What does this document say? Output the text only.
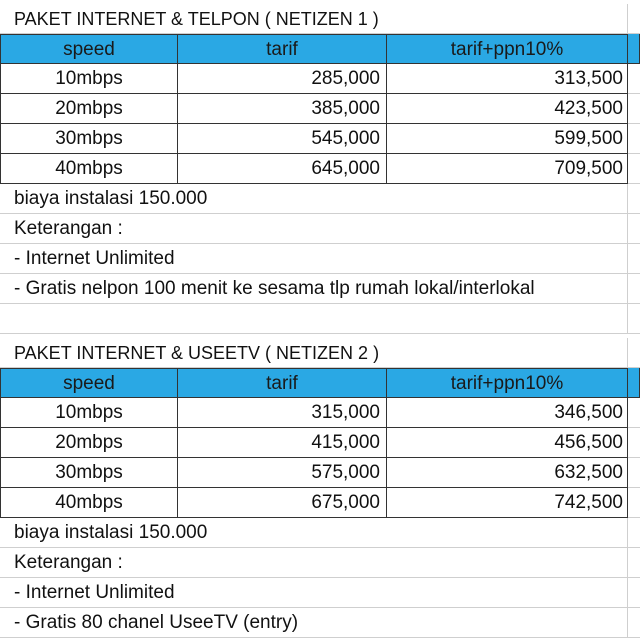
PAKET INTERNET & TELPON ( NETIZEN 1 )
speed	tarif	tarif+ppn10%
10mbps	285,000	313,500
20mbps	385,000	423,500
30mbps	545,000	599,500
40mbps	645,000	709,500
biaya instalasi 150.000
Keterangan :
- Internet Unlimited
- Gratis nelpon 100 menit ke sesama tlp rumah lokal/interlokal
PAKET INTERNET & USEETV ( NETIZEN 2 )
speed	tarif	tarif+ppn10%
10mbps	315,000	346,500
20mbps	415,000	456,500
30mbps	575,000	632,500
40mbps	675,000	742,500
biaya instalasi 150.000
Keterangan :
- Internet Unlimited
- Gratis 80 chanel UseeTV (entry)
